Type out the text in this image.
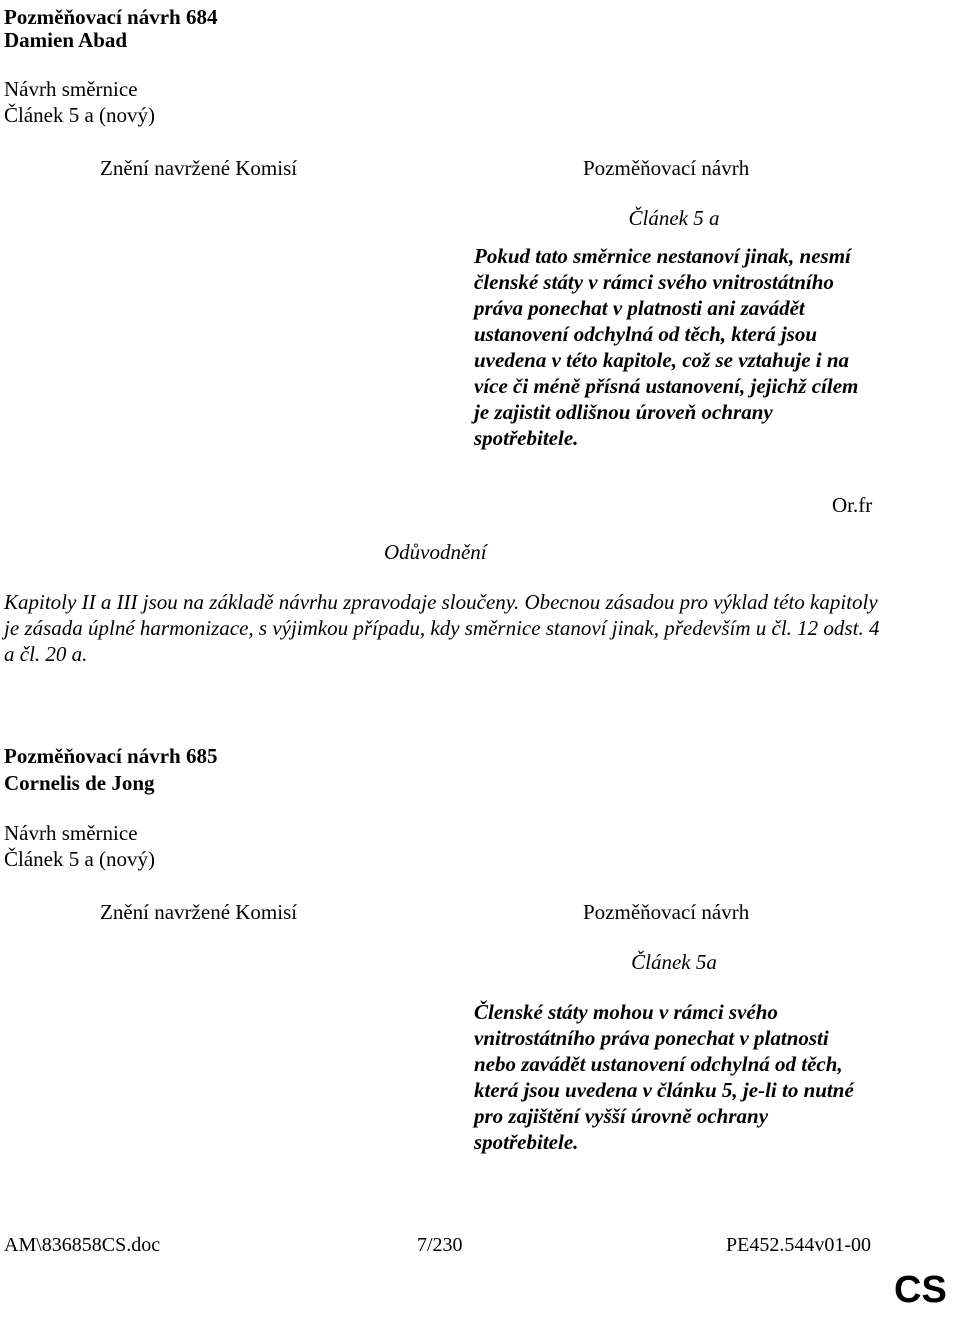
Pozměňovací návrh 684
Damien Abad
Návrh směrnice
Článek 5 a (nový)
Znění navržené Komisí	Pozměňovací návrh
Článek 5 a
Pokud tato směrnice nestanoví jinak, nesmí členské státy v rámci svého vnitrostátního práva ponechat v platnosti ani zavádět ustanovení odchylná od těch, která jsou uvedena v této kapitole, což se vztahuje i na více či méně přísná ustanovení, jejichž cílem je zajistit odlišnou úroveň ochrany spotřebitele.
Or.fr
Odůvodnění
Kapitoly II a III jsou na základě návrhu zpravodaje sloučeny. Obecnou zásadou pro výklad této kapitoly je zásada úplné harmonizace, s výjimkou případu, kdy směrnice stanoví jinak, především u čl. 12 odst. 4 a čl. 20 a.
Pozměňovací návrh 685
Cornelis de Jong
Návrh směrnice
Článek 5 a (nový)
Znění navržené Komisí	Pozměňovací návrh
Článek 5a
Členské státy mohou v rámci svého vnitrostátního práva ponechat v platnosti nebo zavádět ustanovení odchylná od těch, která jsou uvedena v článku 5, je-li to nutné pro zajištění vyšší úrovně ochrany spotřebitele.
AM\836858CS.doc	7/230	PE452.544v01-00
CS
